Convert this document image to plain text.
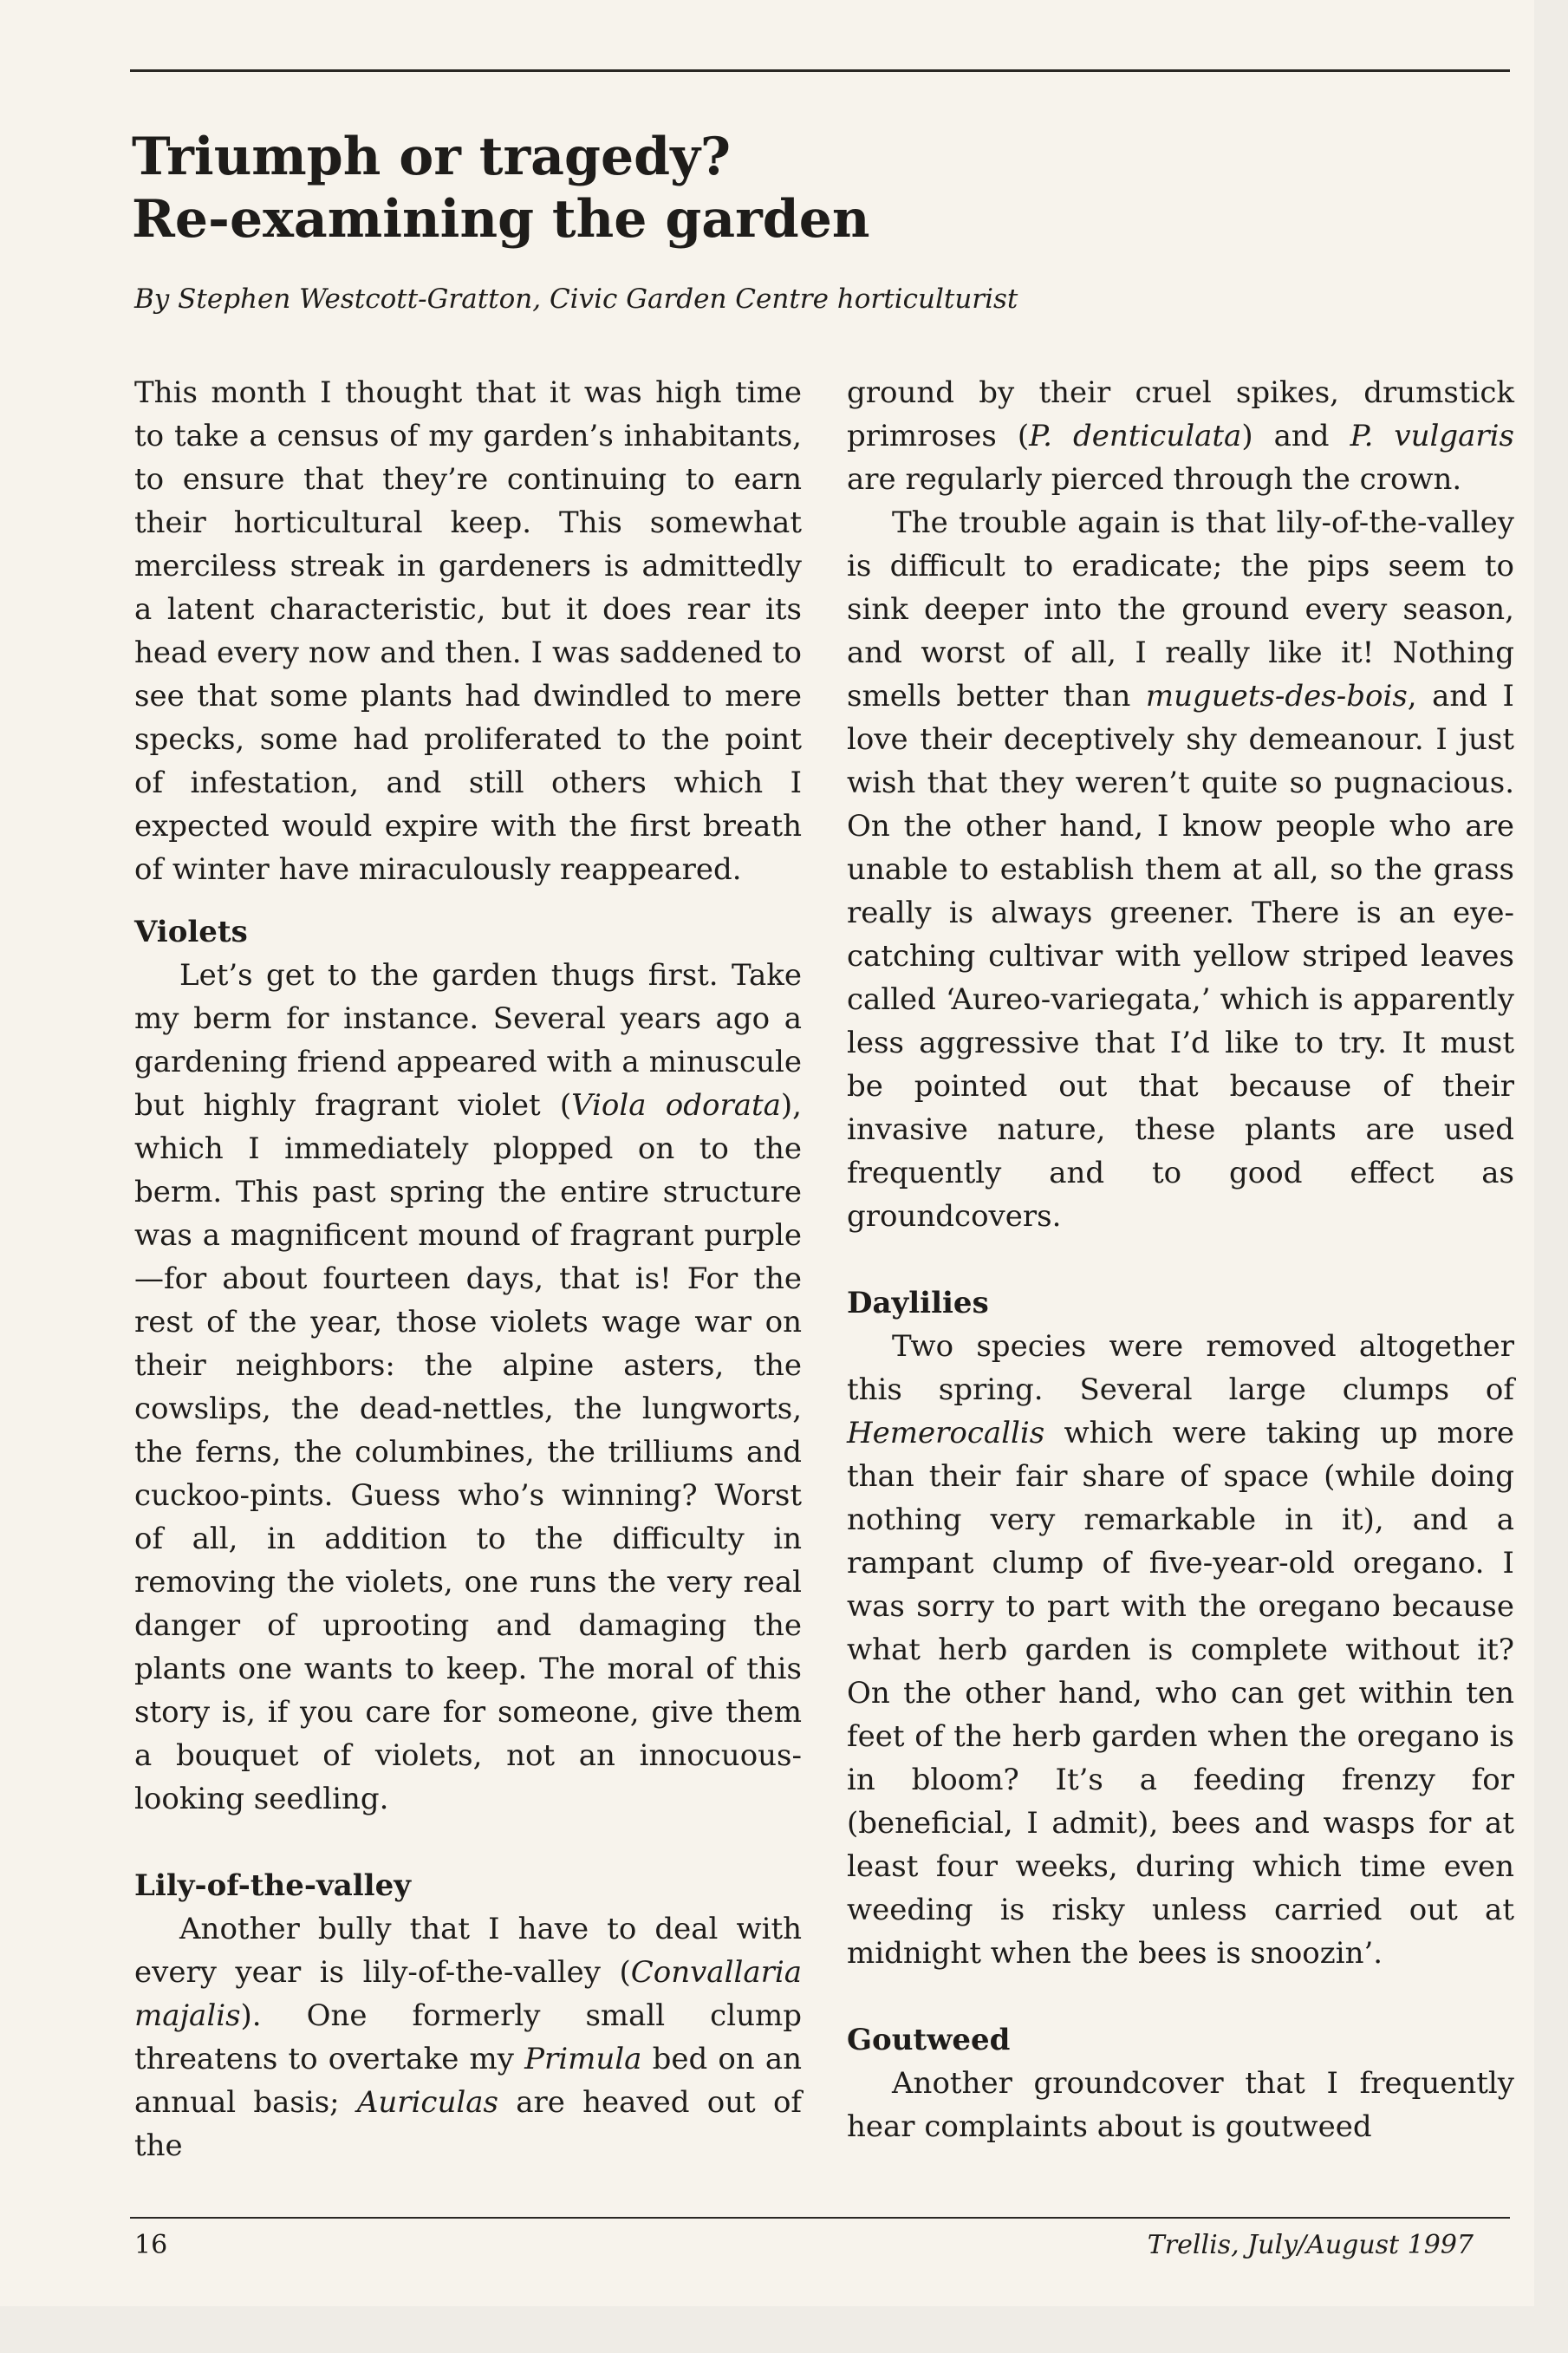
Triumph or tragedy?
Re-examining the garden

By Stephen Westcott-Gratton, Civic Garden Centre horticulturist

This month I thought that it was high time to take a census of my garden’s inhabitants, to ensure that they’re continuing to earn their horticultural keep. This somewhat merciless streak in gardeners is admittedly a latent characteristic, but it does rear its head every now and then. I was saddened to see that some plants had dwindled to mere specks, some had proliferated to the point of infestation, and still others which I expected would expire with the first breath of winter have miraculously reappeared.

Violets

Let’s get to the garden thugs first. Take my berm for instance. Several years ago a gardening friend appeared with a minuscule but highly fragrant violet (Viola odorata), which I immediately plopped on to the berm. This past spring the entire structure was a magnificent mound of fragrant purple—for about fourteen days, that is! For the rest of the year, those violets wage war on their neighbors: the alpine asters, the cowslips, the dead-nettles, the lungworts, the ferns, the columbines, the trilliums and cuckoo-pints. Guess who’s winning? Worst of all, in addition to the difficulty in removing the violets, one runs the very real danger of uprooting and damaging the plants one wants to keep. The moral of this story is, if you care for someone, give them a bouquet of violets, not an innocuous-looking seedling.

Lily-of-the-valley

Another bully that I have to deal with every year is lily-of-the-valley (Convallaria majalis). One formerly small clump threatens to overtake my Primula bed on an annual basis; Auriculas are heaved out of the

ground by their cruel spikes, drumstick primroses (P. denticulata) and P. vulgaris are regularly pierced through the crown.

The trouble again is that lily-of-the-valley is difficult to eradicate; the pips seem to sink deeper into the ground every season, and worst of all, I really like it! Nothing smells better than muguets-des-bois, and I love their deceptively shy demeanour. I just wish that they weren’t quite so pugnacious. On the other hand, I know people who are unable to establish them at all, so the grass really is always greener. There is an eye-catching cultivar with yellow striped leaves called ‘Aureo-variegata,’ which is apparently less aggressive that I’d like to try. It must be pointed out that because of their invasive nature, these plants are used frequently and to good effect as groundcovers.

Daylilies

Two species were removed altogether this spring. Several large clumps of Hemerocallis which were taking up more than their fair share of space (while doing nothing very remarkable in it), and a rampant clump of five-year-old oregano. I was sorry to part with the oregano because what herb garden is complete without it? On the other hand, who can get within ten feet of the herb garden when the oregano is in bloom? It’s a feeding frenzy for (beneficial, I admit), bees and wasps for at least four weeks, during which time even weeding is risky unless carried out at midnight when the bees is snoozin’.

Goutweed

Another groundcover that I frequently hear complaints about is goutweed

16	Trellis, July/August 1997
